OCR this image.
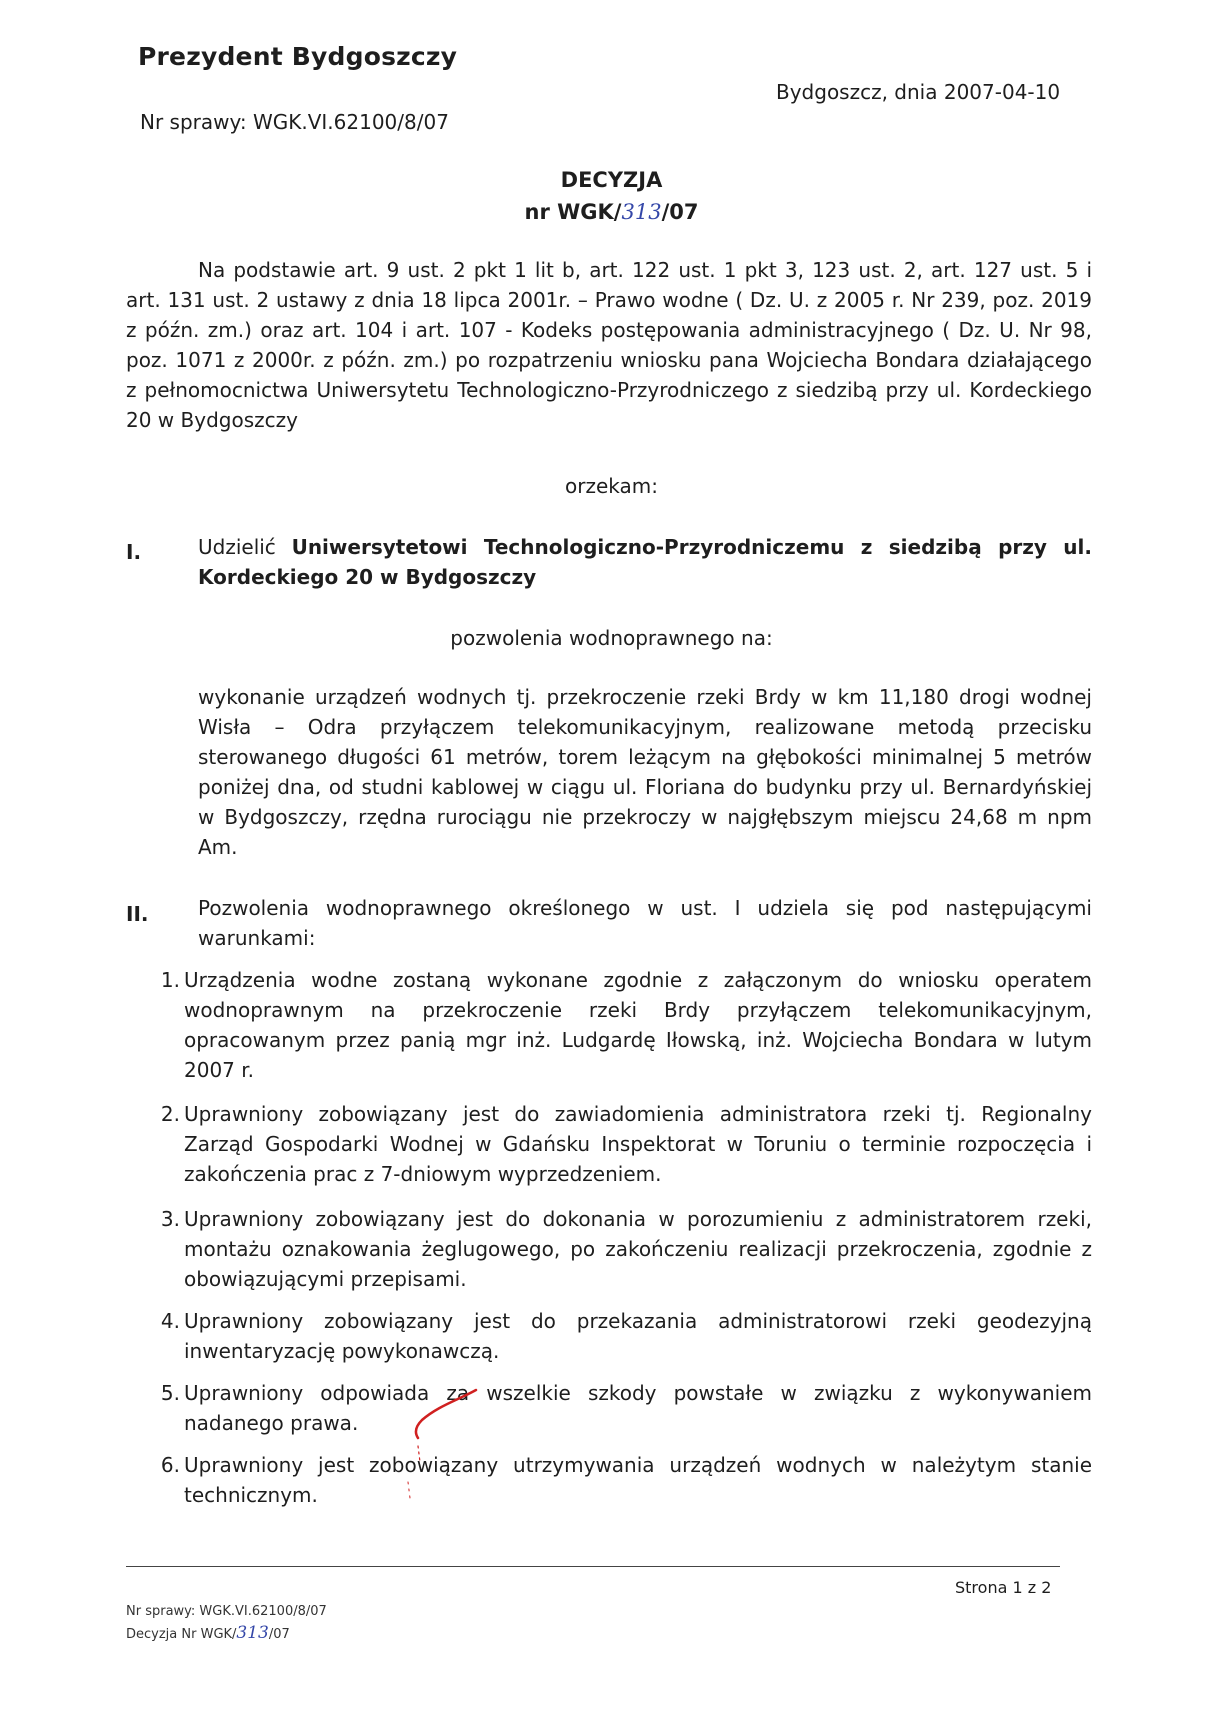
Prezydent Bydgoszczy
Bydgoszcz, dnia 2007-04-10
Nr sprawy: WGK.VI.62100/8/07
DECYZJA
nr WGK/313/07
Na podstawie art. 9 ust. 2 pkt 1 lit b, art. 122 ust. 1 pkt 3, 123 ust. 2, art. 127 ust. 5 i art. 131 ust. 2 ustawy z dnia 18 lipca 2001r. – Prawo wodne ( Dz. U. z 2005 r. Nr 239, poz. 2019 z późn. zm.) oraz art. 104 i art. 107 - Kodeks postępowania administracyjnego ( Dz. U. Nr 98, poz. 1071 z 2000r. z późn. zm.) po rozpatrzeniu wniosku pana Wojciecha Bondara działającego z pełnomocnictwa Uniwersytetu Technologiczno-Przyrodniczego z siedzibą przy ul. Kordeckiego 20 w Bydgoszczy
orzekam:
I.	Udzielić Uniwersytetowi Technologiczno-Przyrodniczemu z siedzibą przy ul. Kordeckiego 20 w Bydgoszczy
pozwolenia wodnoprawnego na:
wykonanie urządzeń wodnych tj. przekroczenie rzeki Brdy w km 11,180 drogi wodnej Wisła – Odra przyłączem telekomunikacyjnym, realizowane metodą przecisku sterowanego długości 61 metrów, torem leżącym na głębokości minimalnej 5 metrów poniżej dna, od studni kablowej w ciągu ul. Floriana do budynku przy ul. Bernardyńskiej w Bydgoszczy, rzędna rurociągu nie przekroczy w najgłębszym miejscu 24,68 m npm Am.
II. Pozwolenia wodnoprawnego określonego w ust. I udziela się pod następującymi warunkami:
1. Urządzenia wodne zostaną wykonane zgodnie z załączonym do wniosku operatem wodnoprawnym na przekroczenie rzeki Brdy przyłączem telekomunikacyjnym, opracowanym przez panią mgr inż. Ludgardę Iłowską, inż. Wojciecha Bondara w lutym 2007 r.
2. Uprawniony zobowiązany jest do zawiadomienia administratora rzeki tj. Regionalny Zarząd Gospodarki Wodnej w Gdańsku Inspektorat w Toruniu o terminie rozpoczęcia i zakończenia prac z 7-dniowym wyprzedzeniem.
3. Uprawniony zobowiązany jest do dokonania w porozumieniu z administratorem rzeki, montażu oznakowania żeglugowego, po zakończeniu realizacji przekroczenia, zgodnie z obowiązującymi przepisami.
4. Uprawniony zobowiązany jest do przekazania administratorowi rzeki geodezyjną inwentaryzację powykonawczą.
5. Uprawniony odpowiada za wszelkie szkody powstałe w związku z wykonywaniem nadanego prawa.
6. Uprawniony jest zobowiązany utrzymywania urządzeń wodnych w należytym stanie technicznym.
Strona 1 z 2
Nr sprawy: WGK.VI.62100/8/07
Decyzja Nr WGK/313/07
